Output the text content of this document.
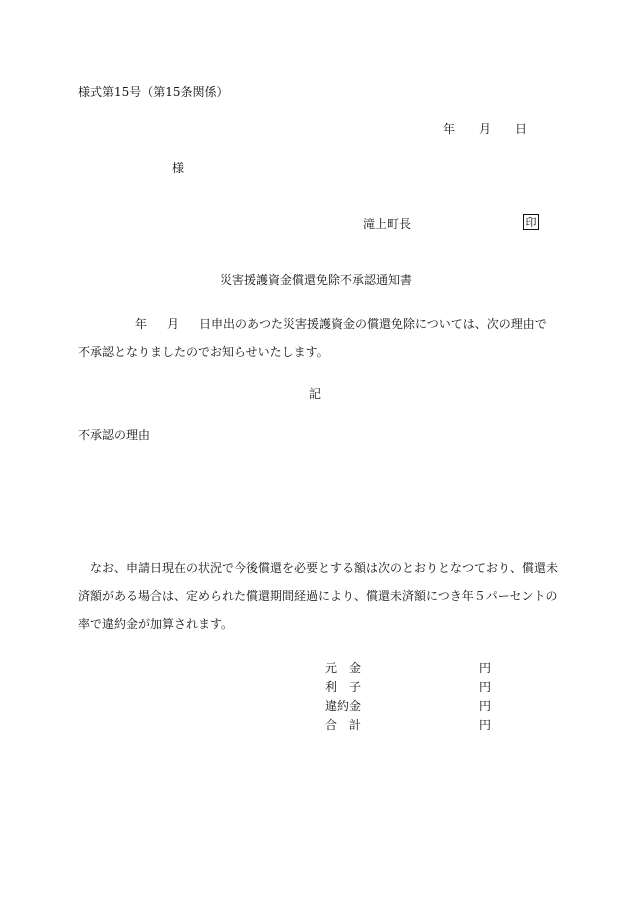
様式第15号（第15条関係）
年 月 日
様
滝上町長	印
災害援護資金償還免除不承認通知書
年 月 日申出のあつた災害援護資金の償還免除については、次の理由で
不承認となりましたのでお知らせいたします。
記
不承認の理由
なお、申請日現在の状況で今後償還を必要とする額は次のとおりとなつており、償還未
済額がある場合は、定められた償還期間経過により、償還未済額につき年５パーセントの
率で違約金が加算されます。
元　金	円
利　子	円
違約金	円
合　計	円
